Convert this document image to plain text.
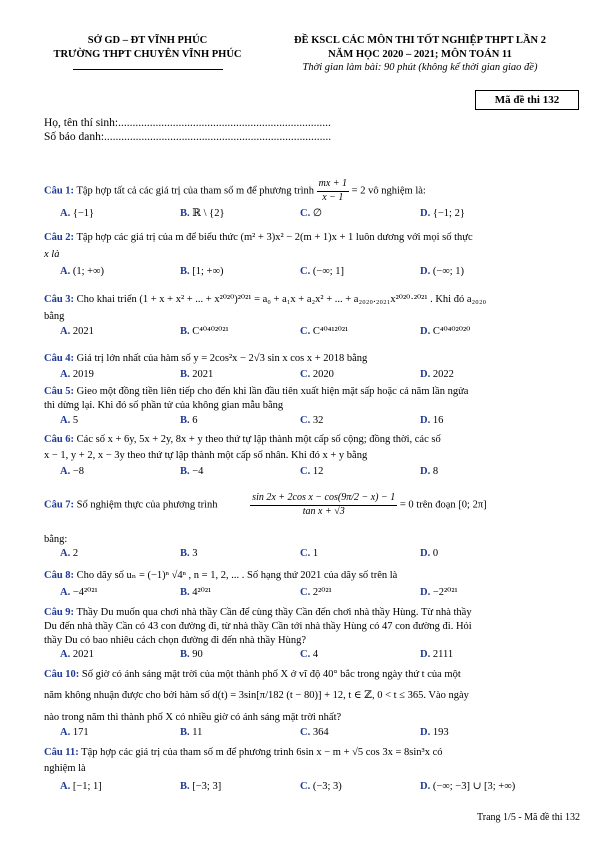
SỞ GD – ĐT VĨNH PHÚC
TRƯỜNG THPT CHUYÊN VĨNH PHÚC
ĐỀ KSCL CÁC MÔN THI TỐT NGHIỆP THPT LẦN 2
NĂM HỌC 2020 – 2021; MÔN TOÁN 11
Thời gian làm bài: 90 phút (không kể thời gian giao đề)
Mã đề thi 132
Họ, tên thí sinh:..........................................................................
Số báo danh:...............................................................................
Câu 1: Tập hợp tất cả các giá trị của tham số m để phương trình $\frac{mx + 1}{x - 1} = 2$ vô nghiệm là:
A. {−1}	B. ℝ \ {2}	C. ∅	D. {−1; 2}
Câu 2: Tập hợp các giá trị của m để biểu thức (m² + 3)x² − 2(m + 1)x + 1 luôn dương với mọi số thực
x là
A. (1; +∞)	B. [1; +∞)	C. (−∞; 1]	D. (−∞; 1)
Câu 3: Cho khai triển (1 + x + x² + ... + x²⁰²⁰)²⁰²¹ = a₀ + a₁x + a₂x² + ... + a₂₀₂₀.₂₀₂₁x²⁰²⁰·²⁰²¹ . Khi đó a₂₀₂₀
bằng
A. 2021	B. C⁴⁰⁴⁰²⁰²¹	C. C⁴⁰⁴¹²⁰²¹	D. C⁴⁰⁴⁰²⁰²⁰
Câu 4: Giá trị lớn nhất của hàm số y = 2cos²x − 2√3 sin x cos x + 2018 bằng
A. 2019	B. 2021	C. 2020	D. 2022
Câu 5: Gieo một đồng tiền liên tiếp cho đến khi lần đầu tiên xuất hiện mặt sấp hoặc cả năm lần ngửa
thì dừng lại. Khi đó số phần tử của không gian mẫu bằng
A. 5	B. 6	C. 32	D. 16
Câu 6: Các số x + 6y, 5x + 2y, 8x + y theo thứ tự lập thành một cấp số cộng; đồng thời, các số
x − 1, y + 2, x − 3y theo thứ tự lập thành một cấp số nhân. Khi đó x + y bằng
A. −8	B. −4	C. 12	D. 8
Câu 7: Số nghiệm thực của phương trình	$\frac{\text{sin 2x + 2cos x − cos(9π/2 − x) − 1}}{\text{tan x + √3}} = 0$ trên đoạn [0; 2π]
bằng:
A. 2	B. 3	C. 1	D. 0
Câu 8: Cho dãy số uₙ = (−1)ⁿ √4ⁿ , n = 1, 2, ... . Số hạng thứ 2021 của dãy số trên là
A. −4²⁰²¹	B. 4²⁰²¹	C. 2²⁰²¹	D. −2²⁰²¹
Câu 9: Thầy Du muốn qua chơi nhà thầy Cần để cùng thầy Cần đến chơi nhà thầy Hùng. Từ nhà thầy
Du đến nhà thầy Cần có 43 con đường đi, từ nhà thầy Cần tới nhà thầy Hùng có 47 con đường đi. Hỏi
thầy Du có bao nhiêu cách chọn đường đi đến nhà thầy Hùng?
A. 2021	B. 90	C. 4	D. 2111
Câu 10: Số giờ có ánh sáng mặt trời của một thành phố X ở vĩ độ 40° bắc trong ngày thứ t của một
năm không nhuận được cho bởi hàm số d(t) = 3sin[π/182 (t − 80)] + 12, t ∈ ℤ, 0 < t ≤ 365. Vào ngày
nào trong năm thì thành phố X có nhiều giờ có ánh sáng mặt trời nhất?
A. 171	B. 11	C. 364	D. 193
Câu 11: Tập hợp các giá trị của tham số m để phương trình 6sin x − m + √5 cos 3x = 8sin³x có
nghiệm là
A. [−1; 1]	B. [−3; 3]	C. (−3; 3)	D. (−∞; −3] ∪ [3; +∞)
Trang 1/5 - Mã đề thi 132
